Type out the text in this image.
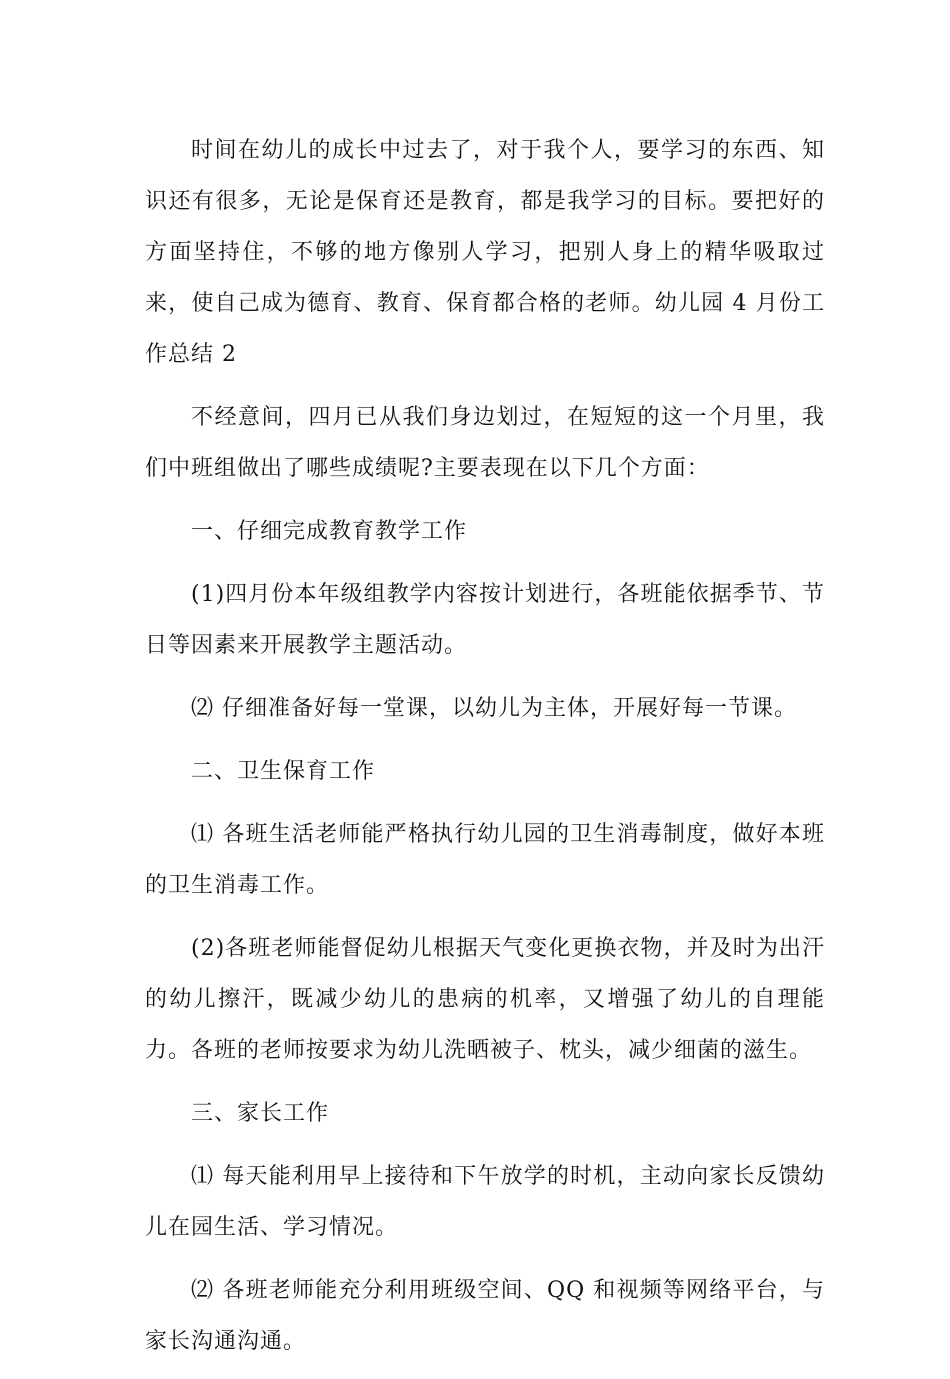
时间在幼儿的成长中过去了，对于我个人，要学习的东西、知识还有很多，无论是保育还是教育，都是我学习的目标。要把好的方面坚持住，不够的地方像别人学习，把别人身上的精华吸取过来，使自己成为德育、教育、保育都合格的老师。幼儿园 4 月份工作总结 2

不经意间，四月已从我们身边划过，在短短的这一个月里，我们中班组做出了哪些成绩呢?主要表现在以下几个方面：

一、仔细完成教育教学工作

(1)四月份本年级组教学内容按计划进行，各班能依据季节、节日等因素来开展教学主题活动。

⑵ 仔细准备好每一堂课，以幼儿为主体，开展好每一节课。

二、卫生保育工作

⑴ 各班生活老师能严格执行幼儿园的卫生消毒制度，做好本班的卫生消毒工作。

(2)各班老师能督促幼儿根据天气变化更换衣物，并及时为出汗的幼儿擦汗，既减少幼儿的患病的机率，又增强了幼儿的自理能力。各班的老师按要求为幼儿洗晒被子、枕头，减少细菌的滋生。

三、家长工作

⑴ 每天能利用早上接待和下午放学的时机，主动向家长反馈幼儿在园生活、学习情况。

⑵ 各班老师能充分利用班级空间、QQ 和视频等网络平台，与家长沟通沟通。
